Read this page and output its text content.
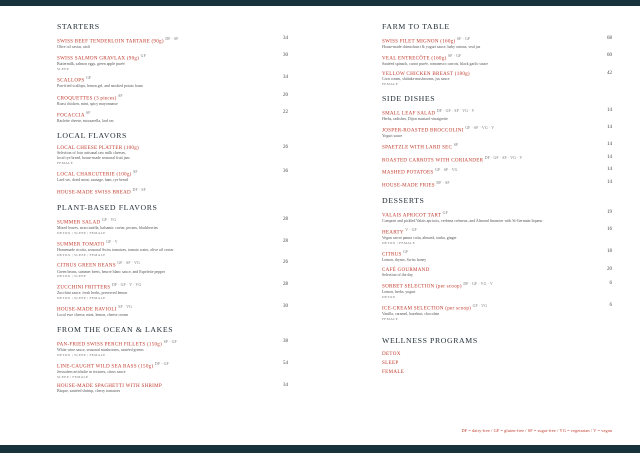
STARTERS
SWISS BEEF TENDERLOIN TARTARE (90g) $^{DF \cdot SF}$	34
Olive oil caviar, aioli
SWISS SALMON GRAVLAX (90g) $^{GF}$	30
Buttermilk, salmon eggs, green apple purée
SLEEP
SCALLOPS $^{GF}$	34
Pan-fried scallops, lemon gel, and smoked potato foam
CROQUETTES (3 pieces) $^{SF}$	20
Roast chicken, mint, spicy mayonnaise
FOCACCIA $^{SF}$	22
Raclette cheese, mozzarella, lard sec
LOCAL FLAVORS
LOCAL CHEESE PLATTER (100g)	26
Selection of four artisanal raw milk cheeses,
local rye bread, house-made seasonal fruit jam
FEMALE
LOCAL CHARCUTERIE (100g) $^{SF}$	36
Lard sec, dried meat, sausage, ham, rye bread
HOUSE-MADE SWISS BREAD $^{DF \cdot SF}$
PLANT-BASED FLAVORS
SUMMER SALAD $^{GF \cdot VG}$	28
Mixed leaves, stracciatella, balsamic caviar, pecans, blackberries
DETOX | SLEEP | FEMALE
SUMMER TOMATO $^{GF \cdot V}$	28
Homemade ricotta, seasonal Swiss tomatoes, tomato water, olive oil caviar
DETOX | SLEEP | FEMALE
CITRUS GREEN BEANS $^{GF \cdot SF \cdot VG}$	26
Green beans, summer beets, beurre blanc sauce, and Espelette pepper
DETOX | SLEEP
ZUCCHINI FRITTERS $^{DF \cdot GF \cdot V \cdot VG}$	28
Zucchini sauce, fresh herbs, preserved lemon
DETOX | SLEEP | FEMALE
HOUSE-MADE RAVIOLI $^{SF \cdot VG}$	30
Local ewe cheese, mint, lemon, cheese cream
FROM THE OCEAN & LAKES
PAN-FRIED SWISS PERCH FILLETS (150g) $^{SF \cdot GF}$	38
White wine sauce, seasonal mushrooms, sautéed greens
DETOX | SLEEP | FEMALE
LINE-CAUGHT WILD SEA BASS (150g) $^{DF \cdot GF}$	54
Jerusalem artichoke in textures, citrus sauce
SLEEP | FEMALE
HOUSE-MADE SPAGHETTI WITH SHRIMP	34
Bisque, sautéed shrimp, cherry tomatoes
FARM TO TABLE
SWISS FILET MIGNON (160g) $^{SF \cdot GF}$	68
House-made chimichurri & yogurt sauce, baby onions, veal jus
VEAL ENTRECÔTE (160g) $^{SF \cdot GF}$	60
Sautéed spinach, carrot purée, romanesco carrots, black garlic sauce
YELLOW CHICKEN BREAST (180g)	42
Corn cream, shiitake mushrooms, jus sauce
FEMALE
SIDE DISHES
SMALL LEAF SALAD $^{DF \cdot GF \cdot SF \cdot VG \cdot V}$	14
Herbs, radishes, Dijon mustard vinaigrette
JOSPER-ROASTED BROCCOLINI $^{GF \cdot SF \cdot VG \cdot V}$	14
Yogurt sauce
SPAETZLE WITH LARD SEC $^{SF}$	14
ROASTED CARROTS WITH CORIANDER $^{DF \cdot GF \cdot SF \cdot VG \cdot V}$	14
MASHED POTATOES $^{GF \cdot SF \cdot VG}$	14
HOUSE-MADE FRIES $^{DF \cdot SF}$	14
DESSERTS
VALAIS APRICOT TART $^{GF}$	19
Compote and pickled Valais apricots, verbena crémeux, and Almond financier with St-Germain liqueur
HEARTY $^{V \cdot GF}$	16
Vegan carrot panna cotta, almond, tonka, ginger
DETOX | FEMALE
CITRUS $^{GF}$	18
Lemon, thyme, Swiss honey
CAFÉ GOURMAND	20
Selection of the day
SORBET SELECTION (per scoop) $^{DF \cdot GF \cdot VG \cdot V}$	6
Lemon, herbs, yogurt
DETOX
ICE-CREAM SELECTION (per scoop) $^{GF \cdot VG}$	6
Vanilla, caramel, hazelnut, chocolate
FEMALE
WELLNESS PROGRAMS
DETOX
SLEEP
FEMALE
DF = dairy-free / GF = gluten-free / SF = sugar-free / VG = vegetarian / V = vegan
